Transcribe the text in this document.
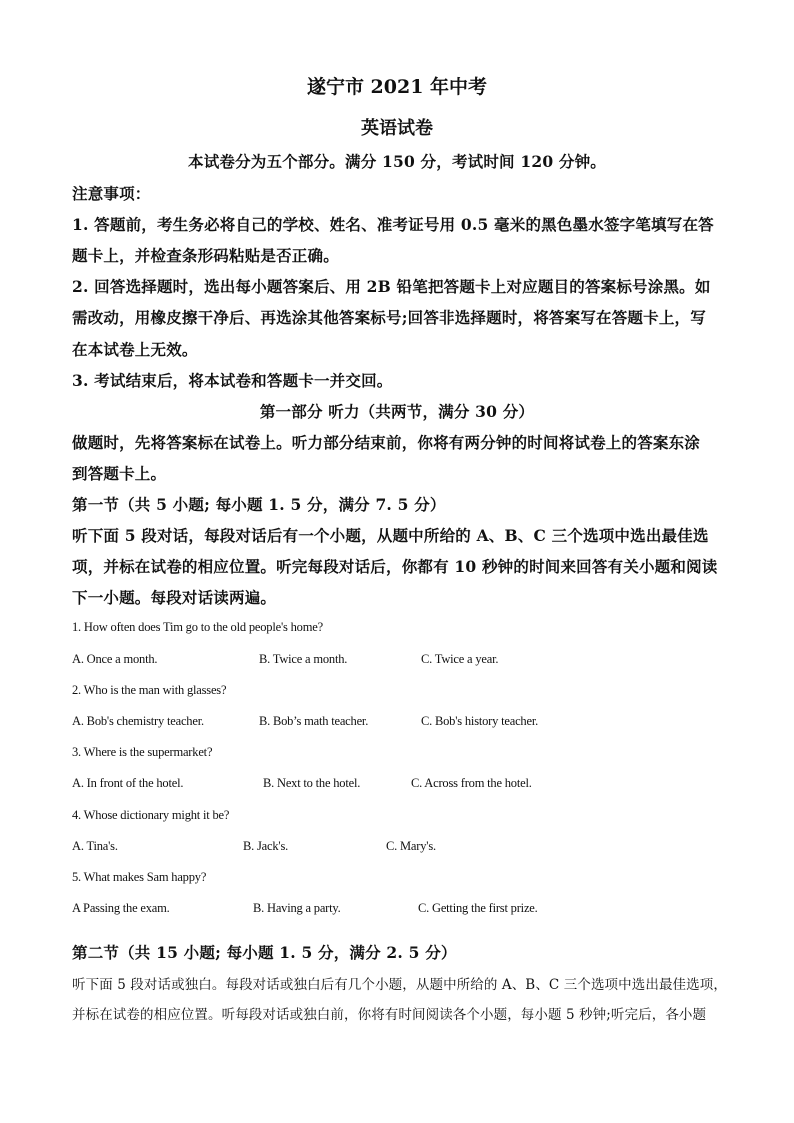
遂宁市 2021 年中考
英语试卷
本试卷分为五个部分。满分 150 分，考试时间 120 分钟。
注意事项：
1. 答题前，考生务必将自己的学校、姓名、准考证号用 0.5 毫米的黑色墨水签字笔填写在答
题卡上，并检查条形码粘贴是否正确。
2. 回答选择题时，选出每小题答案后、用 2B 铅笔把答题卡上对应题目的答案标号涂黑。如
需改动，用橡皮擦干净后、再选涂其他答案标号;回答非选择题时，将答案写在答题卡上，写
在本试卷上无效。
3. 考试结束后，将本试卷和答题卡一并交回。
第一部分 听力（共两节，满分 30 分）
做题时，先将答案标在试卷上。听力部分结束前，你将有两分钟的时间将试卷上的答案东涂
到答题卡上。
第一节（共 5 小题; 每小题 1. 5 分，满分 7. 5 分）
听下面 5 段对话，每段对话后有一个小题，从题中所给的 A、B、C 三个选项中选出最佳选
项，并标在试卷的相应位置。听完每段对话后，你都有 10 秒钟的时间来回答有关小题和阅读
下一小题。每段对话读两遍。
1. How often does Tim go to the old people's home?
A. Once a month.	B. Twice a month.	C. Twice a year.
2. Who is the man with glasses?
A. Bob's chemistry teacher.	B. Bob’s math teacher.	C. Bob's history teacher.
3. Where is the supermarket?
A. In front of the hotel.	B. Next to the hotel.	C. Across from the hotel.
4. Whose dictionary might it be?
A. Tina's.	B. Jack's.	C. Mary's.
5. What makes Sam happy?
A Passing the exam.	B. Having a party.	C. Getting the first prize.
第二节（共 15 小题; 每小题 1. 5 分，满分 2. 5 分）
听下面 5 段对话或独白。每段对话或独白后有几个小题，从题中所给的 A、B、C 三个选项中选出最佳选项，
并标在试卷的相应位置。听每段对话或独白前，你将有时间阅读各个小题，每小题 5 秒钟;听完后，各小题
